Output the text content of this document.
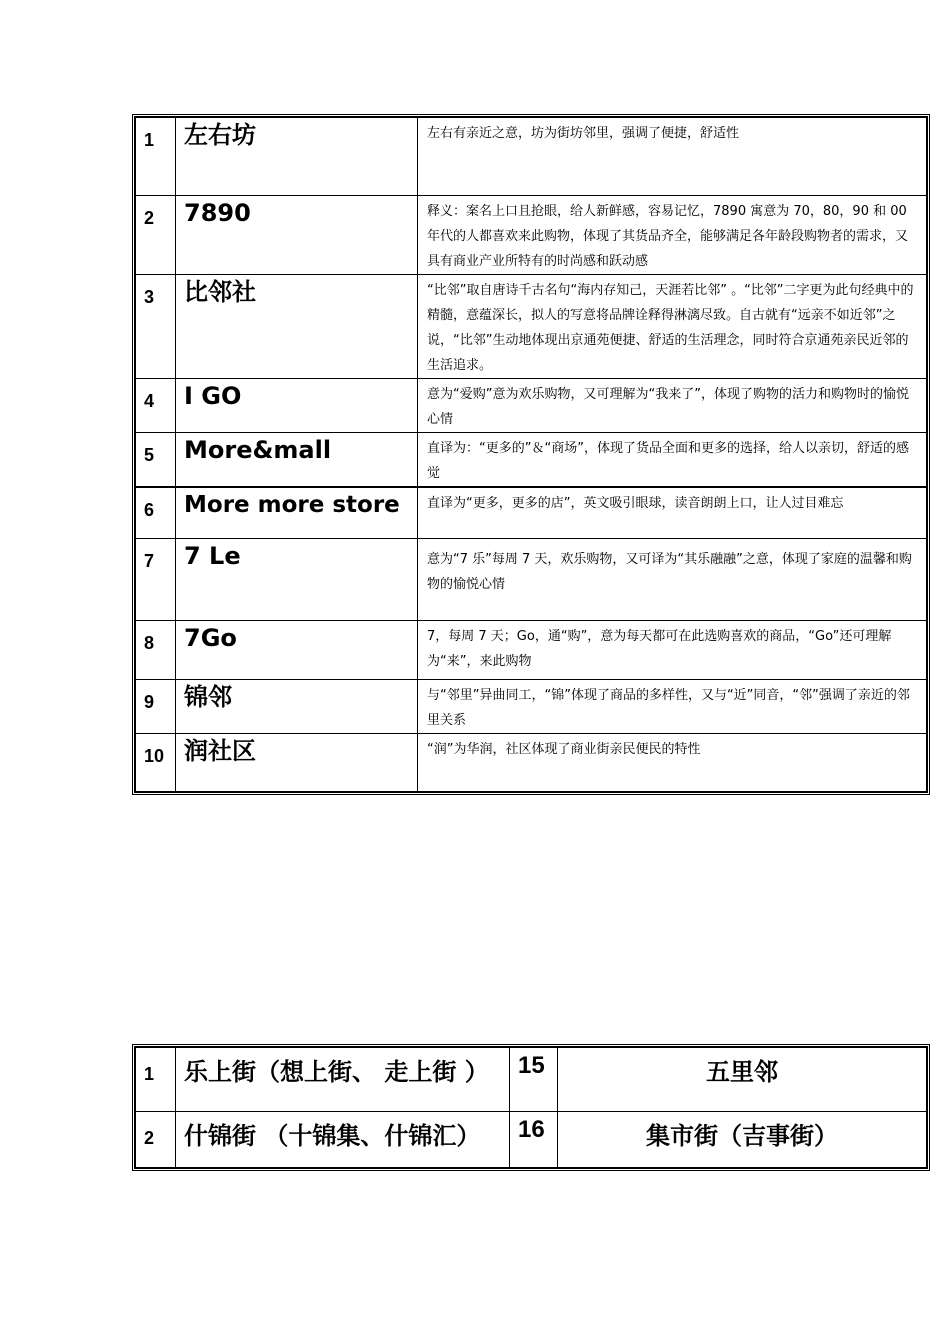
1	左右坊	左右有亲近之意，坊为街坊邻里，强调了便捷，舒适性
2	7890	释义：案名上口且抢眼，给人新鲜感，容易记忆，7890 寓意为 70，80，90 和 00 年代的人都喜欢来此购物，体现了其货品齐全，能够满足各年龄段购物者的需求，又具有商业产业所特有的时尚感和跃动感
3	比邻社	“比邻”取自唐诗千古名句“海内存知己，天涯若比邻” 。“比邻”二字更为此句经典中的精髓，意蕴深长，拟人的写意将品牌诠释得淋漓尽致。自古就有“远亲不如近邻”之说，“比邻”生动地体现出京通苑便捷、舒适的生活理念，同时符合京通苑亲民近邻的生活追求。
4	I GO	意为“爱购”意为欢乐购物，又可理解为“我来了”，体现了购物的活力和购物时的愉悦心情
5	More&mall	直译为：“更多的”＆“商场”，体现了货品全面和更多的选择，给人以亲切，舒适的感觉
6	More more store	直译为“更多，更多的店”，英文吸引眼球，读音朗朗上口，让人过目难忘
7	7 Le	意为“7 乐”每周 7 天，欢乐购物，又可译为“其乐融融”之意，体现了家庭的温馨和购物的愉悦心情
8	7Go	7，每周 7 天；Go，通“购”，意为每天都可在此选购喜欢的商品，“Go”还可理解为“来”，来此购物
9	锦邻	与“邻里”异曲同工，“锦”体现了商品的多样性，又与“近”同音，“邻”强调了亲近的邻里关系
10	润社区	“润”为华润，社区体现了商业街亲民便民的特性
1	乐上街（想上街、 走上街 ）	15	五里邻
2	什锦街 （十锦集、什锦汇）	16	集市街（吉事街）
